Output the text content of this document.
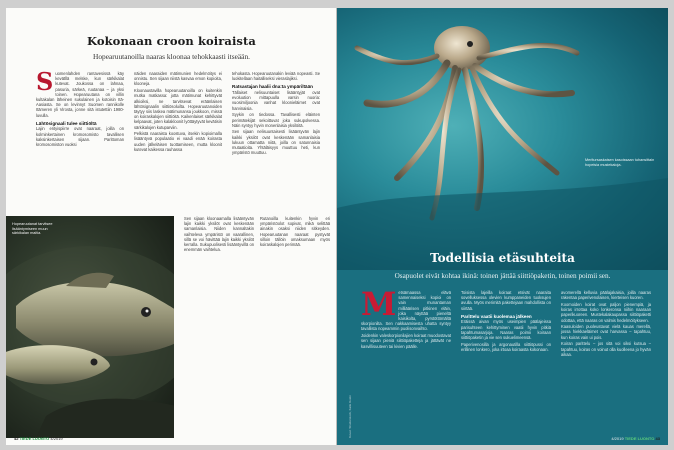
Kokonaan croon koiraista
Hopearuutanoilla naaras kloonaa tehokkaasti itseään.

Suomenlahden rantavesissä käy kevätllä melske, kun särkikalat kutevat. Joukossa on lahnaa, pasuria, särkeä, ruutanaa – ja yksi toinen. Hopearuutana on villin kultakalan läheinen sukulainen ja kotoisin Itä-Aasiasta. Se on levinnyt Suomen rannikolle Itämeren yli Virosta, jonne sitä istutettiin 1980-luvulla.

Lähtösignaali tulee siittiöltä

Lajin erityispiirre ovat naaraat, joilla on kolminkertainen kromosomisto tavallisen kaksinkertaisen sijaan. Parittoman kromosomiston vuoksi

näiden naaraiden mätimunien hedelmöitys ei onnistu. Sen sijaan niistä kasvaa emon kopioita, klooneja.

Kloonaustavilla hopearuutanoilla on kuitenkin mutka matkassa: jotta mätimunat kehittyvät alkioiksi, ne tarvitsevat eräänlaisen lähtösignaalin siittiösoluilta. Hopearuutanoiden täytyy siis laskea mätimunansa joukkoon, missä on koiraskalojen siittiöitä. Kaikenlaiset särkikalat kelpaavat, joten kalakloonit lyöttäytyvät kevätisin särkikalojen kutuparviin.

Pelkistä naaraista koostuva, itsekin kopioimalla lisääntyvä populaatio ei vaadi enää koirasta uuden jälkeläisen tuottamiseen, mutta kloonit kutevat kaikessa rauhassa

tehokasta. Hopearuutanakin leviää nopeasti. Se luokitellaan haitalliseksi vieraslajiksi.

Ratsastajan haalii dna:ta ympäriltään

Tällaiset nelisuuntaiset lisääntyjät ovat evoluution mittapuulla varsin nuoria: vuosimiljoonia vanhat kloonieläimet ovat harvinaisia.

Syykin on tiedossa. Tavallisesti eläinten perimätekijät sekoittuvat joka sukupolvessa. Näin syntyy hyvin monenlaisia yksilöitä.

Sen sijaan nelisuuntaisesti lisääntyvän lajin kaikki yksilöt ovat keskenään samanlaisia lukuun ottamatta niitä, joilla on satunnaisia mutaatioita. Yhtäläisyys muuttuu heti, kun ympäristö muuttuu.

Hopearuutanat tarvitsee lisääntymiseen muun särkikalan maitia.
Sen sijaan kloonaamalla lisääntyvän lajin kaikki yksilöt ovat keskenään samanlaisia. Niiden kannaltakin vaihteleva ympäristö on vaarallinen, sillä se voi hävittää lajin kaikki yksilöt kerralla. Sukupuolisesti lisääntyvillä on enemmän vaihtelua.
Rutanoilla kuitenkin hyvin eri ympäristöolot sopivat, mikä selittää ainakin osaksi niiden sitkeyden. Hopearuutanan naaraat pystyvät silloin tällöin omaksumaan myös koiraskalojen perimää.
42 TIEDE LUONTO 4/2019
Meritursaskaisen kasoissaan tuhansittain hopeisia mustekaloja.
Todellisia etäsuhteita
Osapuolet eivät kohtaa ikinä: toinen jättää siittiöpaketin, toinen poimii sen.

Metsämaassa elävä samennaiseksi kopioi on vain munantaman milliäärisen pitkinen eläin, joka näyttää pieneltä kaisikolta, pyrstöttömältä skorpionilta. Sen nakkaamisesta uhatta syntyy tavallista nopeammin puolisonvaihto.

Joidenkin valeskorpionilajien koiraat muodostavat sen sijaan pieniä siittiöpaketteja ja jättävät ne kasvillisuuteen tai kivien päälle.

Toisista lajeilla koiraat etsivät naaraita sovelluksessa olevien kumppaneiden tuoksujen avulla. Myös merimitä pakettejaan mahdollista on siirtää.

Parittelu vaatii kuolemaa jälkeen

Eräissä aivan myös useimpien päälajeissa parisuhteen kehittyminen vaatii hyvin pitkiä tapahtumasarjoja. Naaras poimii koiraan siittiöpaketin ja vie sen sukuelimeensä.

Paperivenosilla ja argonautilla siittiöpussi on erillinen lonkero, joka irtoaa koiraasta kokonaan.

avomerellä kelluvia päälajakaisia, joilla naaras rakentaa paperivenolaisen, kierteisen kuoren.

Koomoiden koirat ovat paljon pienempiä, ja koiras irrottaa koko lonkeronsa niihin naaraan paperikuoreen. Mustekalakaupassa siittiöpaketti odottaa, että naaras on valmis hedelmöitykseen.

Kaasuloiden puoleustavat vielä kauas merellä, jossa hiekkaeläimet ovat harvassa – tapahtuu, kun koiras vain ui pois.

Koiran parittelu – jos sitä voi siksi kutsua – tapahtuu, koiras on voinut olla kuolleena jo hyvän aikaa.

Kuvat: Shutterstock, Kalle Koski
4/2019 TIEDE LUONTO 43
